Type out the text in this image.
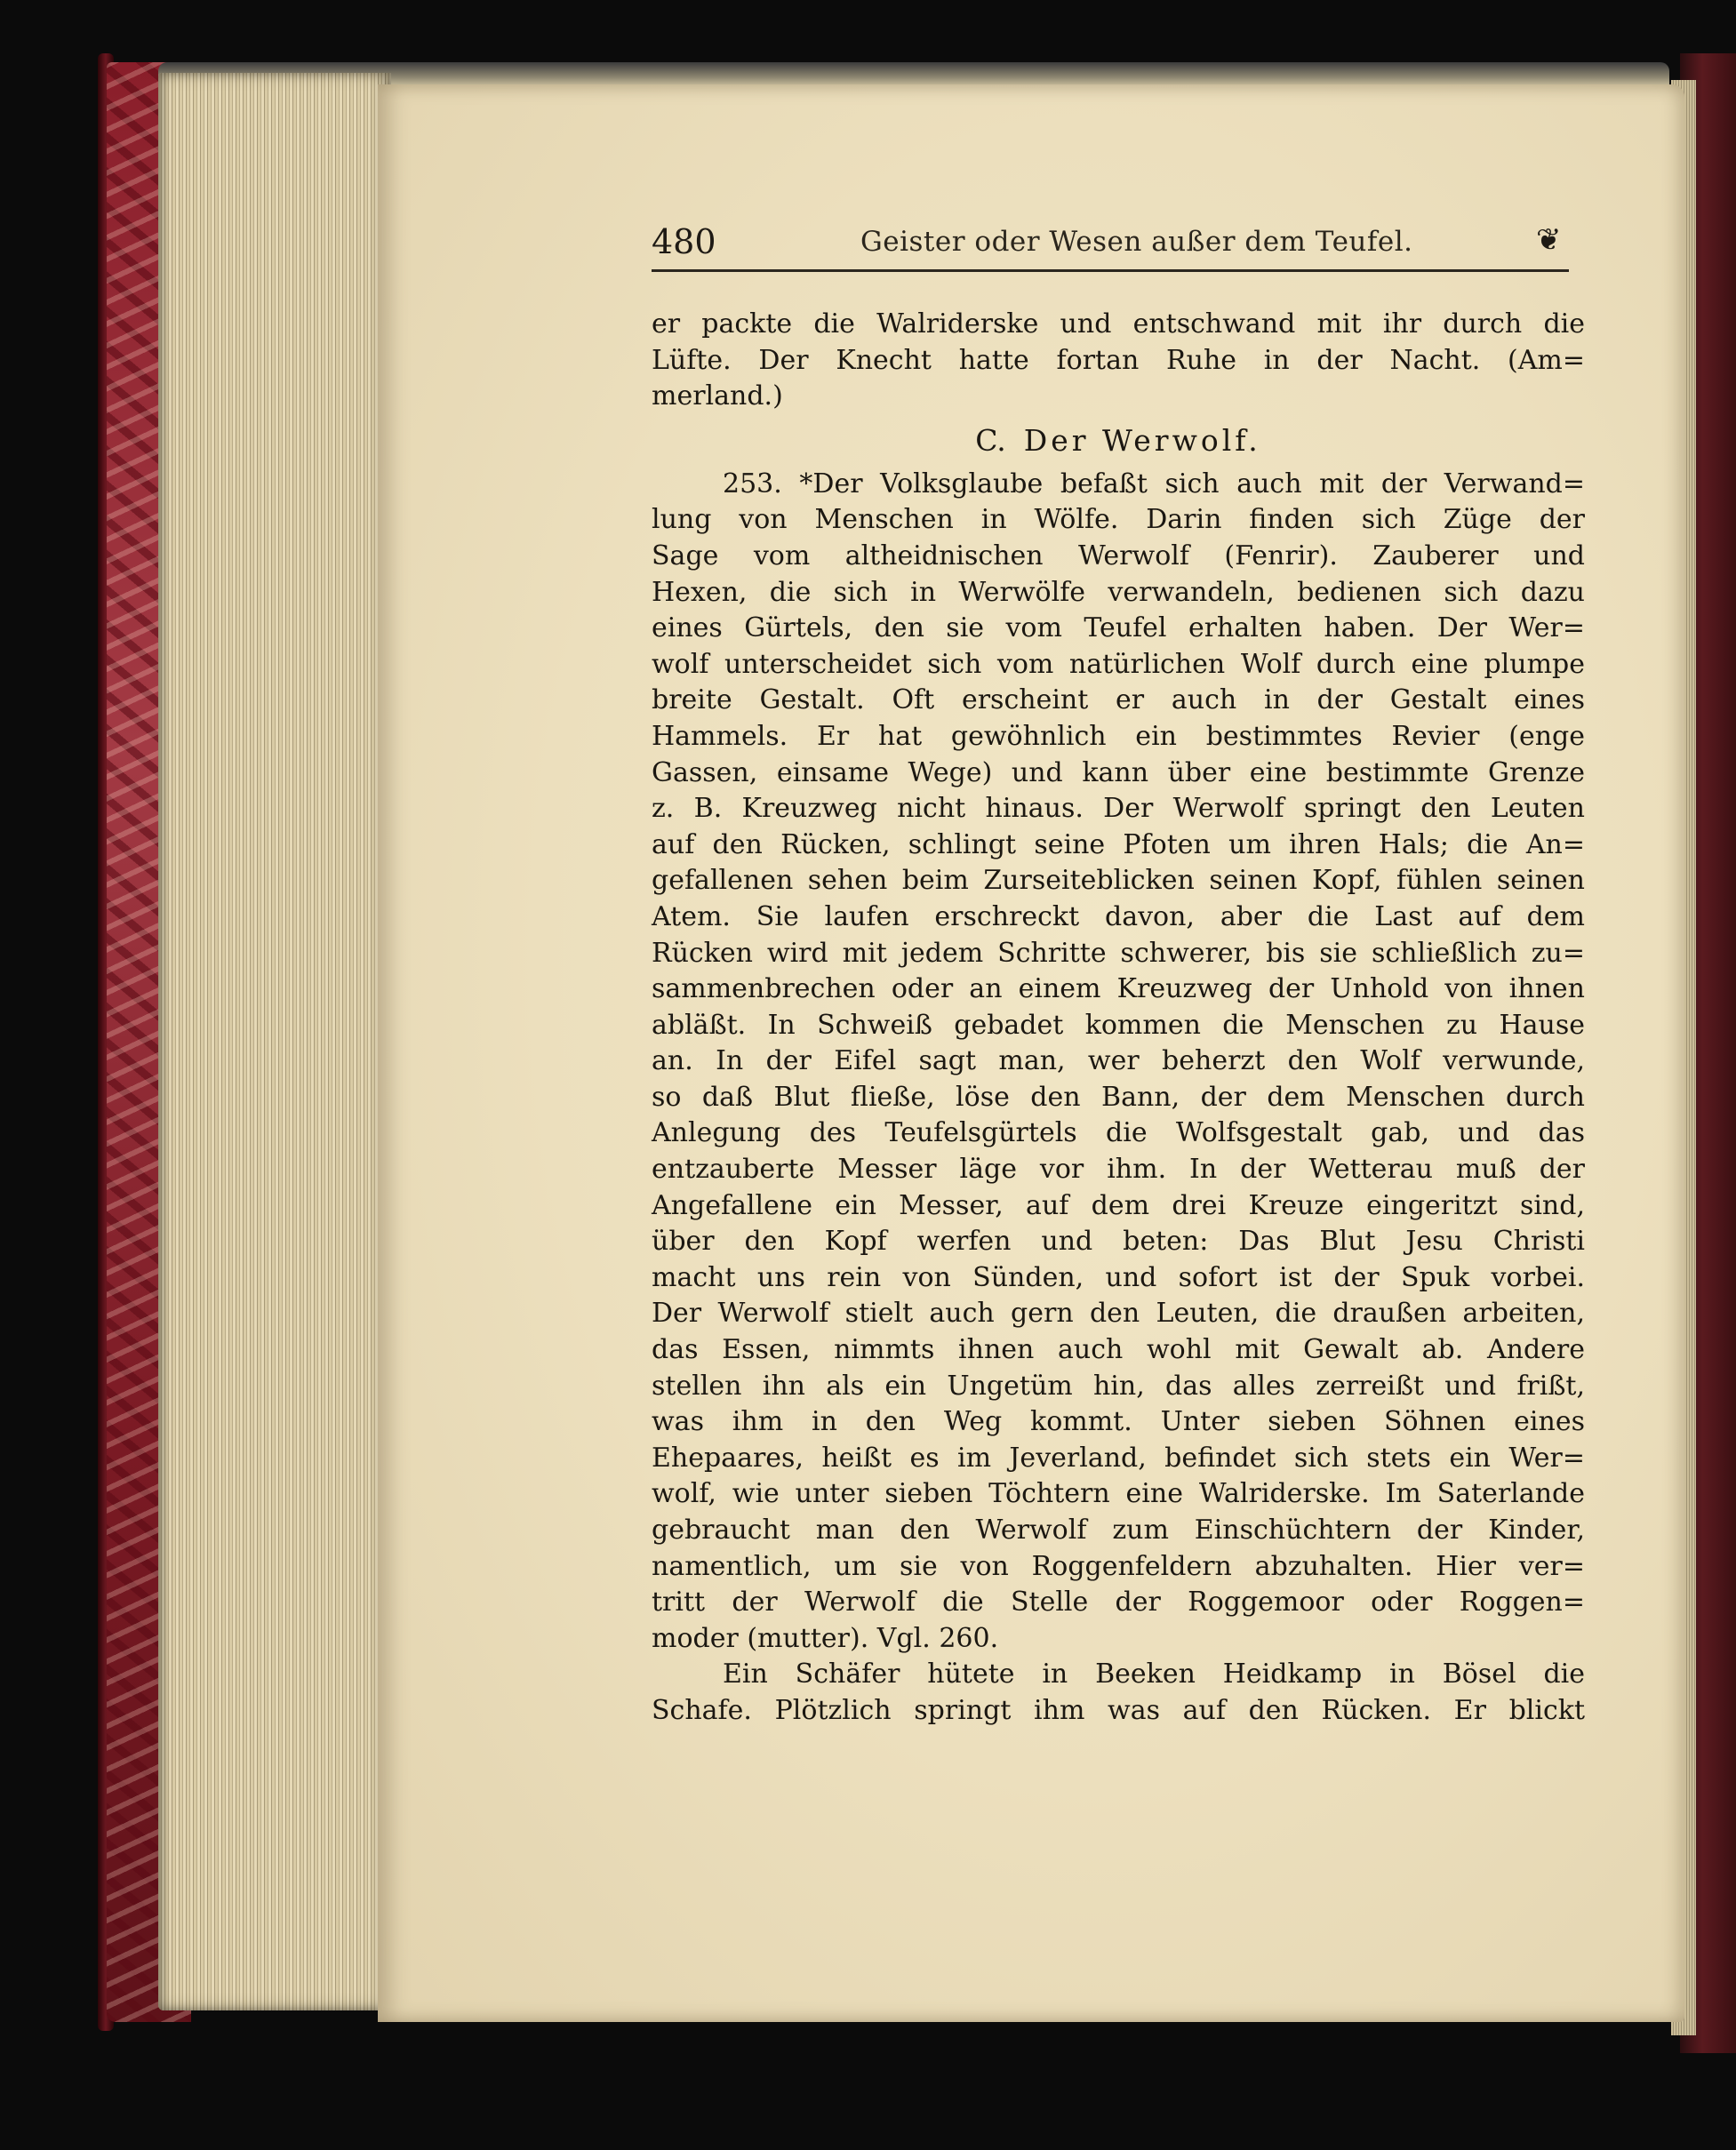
480	Geister oder Wesen außer dem Teufel.	❦
er packte die Walriderske und entschwand mit ihr durch die
Lüfte. Der Knecht hatte fortan Ruhe in der Nacht. (Am=
merland.)
C. Der Werwolf.
253. *Der Volksglaube befaßt sich auch mit der Verwand=
lung von Menschen in Wölfe. Darin finden sich Züge der
Sage vom altheidnischen Werwolf (Fenrir). Zauberer und
Hexen, die sich in Werwölfe verwandeln, bedienen sich dazu
eines Gürtels, den sie vom Teufel erhalten haben. Der Wer=
wolf unterscheidet sich vom natürlichen Wolf durch eine plumpe
breite Gestalt. Oft erscheint er auch in der Gestalt eines
Hammels. Er hat gewöhnlich ein bestimmtes Revier (enge
Gassen, einsame Wege) und kann über eine bestimmte Grenze
z. B. Kreuzweg nicht hinaus. Der Werwolf springt den Leuten
auf den Rücken, schlingt seine Pfoten um ihren Hals; die An=
gefallenen sehen beim Zurseiteblicken seinen Kopf, fühlen seinen
Atem. Sie laufen erschreckt davon, aber die Last auf dem
Rücken wird mit jedem Schritte schwerer, bis sie schließlich zu=
sammenbrechen oder an einem Kreuzweg der Unhold von ihnen
abläßt. In Schweiß gebadet kommen die Menschen zu Hause
an. In der Eifel sagt man, wer beherzt den Wolf verwunde,
so daß Blut fließe, löse den Bann, der dem Menschen durch
Anlegung des Teufelsgürtels die Wolfsgestalt gab, und das
entzauberte Messer läge vor ihm. In der Wetterau muß der
Angefallene ein Messer, auf dem drei Kreuze eingeritzt sind,
über den Kopf werfen und beten: Das Blut Jesu Christi
macht uns rein von Sünden, und sofort ist der Spuk vorbei.
Der Werwolf stielt auch gern den Leuten, die draußen arbeiten,
das Essen, nimmts ihnen auch wohl mit Gewalt ab. Andere
stellen ihn als ein Ungetüm hin, das alles zerreißt und frißt,
was ihm in den Weg kommt. Unter sieben Söhnen eines
Ehepaares, heißt es im Jeverland, befindet sich stets ein Wer=
wolf, wie unter sieben Töchtern eine Walriderske. Im Saterlande
gebraucht man den Werwolf zum Einschüchtern der Kinder,
namentlich, um sie von Roggenfeldern abzuhalten. Hier ver=
tritt der Werwolf die Stelle der Roggemoor oder Roggen=
moder (mutter). Vgl. 260.
Ein Schäfer hütete in Beeken Heidkamp in Bösel die
Schafe. Plötzlich springt ihm was auf den Rücken. Er blickt
